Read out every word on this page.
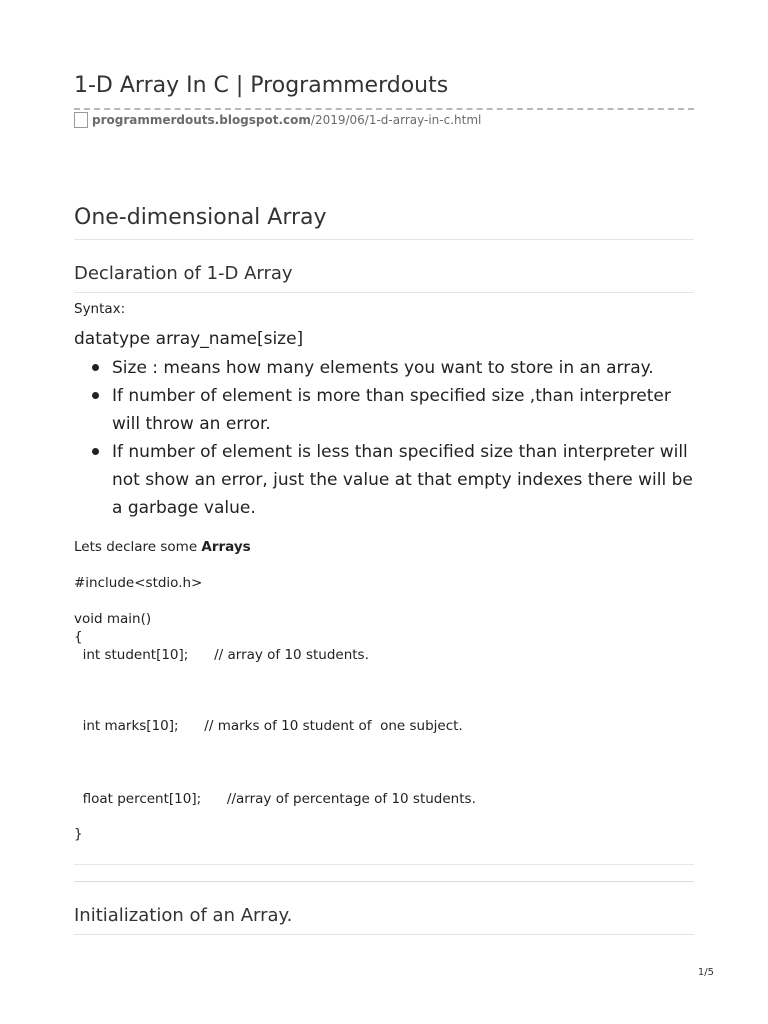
1-D Array In C | Programmerdouts
programmerdouts.blogspot.com /2019/06/1-d-array-in-c.html
One-dimensional Array
Declaration of 1-D Array

Syntax:

datatype array_name[size]

Size : means how many elements you want to store in an array.
If number of element is more than specified size ,than interpreter will throw an error.
If number of element is less than specified size than interpreter will not show an error, just the value at that empty indexes there will be a garbage value.

Lets declare some Arrays

#include<stdio.h>
void main()
{
int student[10];      // array of 10 students.
int marks[10];      // marks of 10 student of  one subject.
float percent[10];      //array of percentage of 10 students.
}
Initialization of an Array.
1/5
